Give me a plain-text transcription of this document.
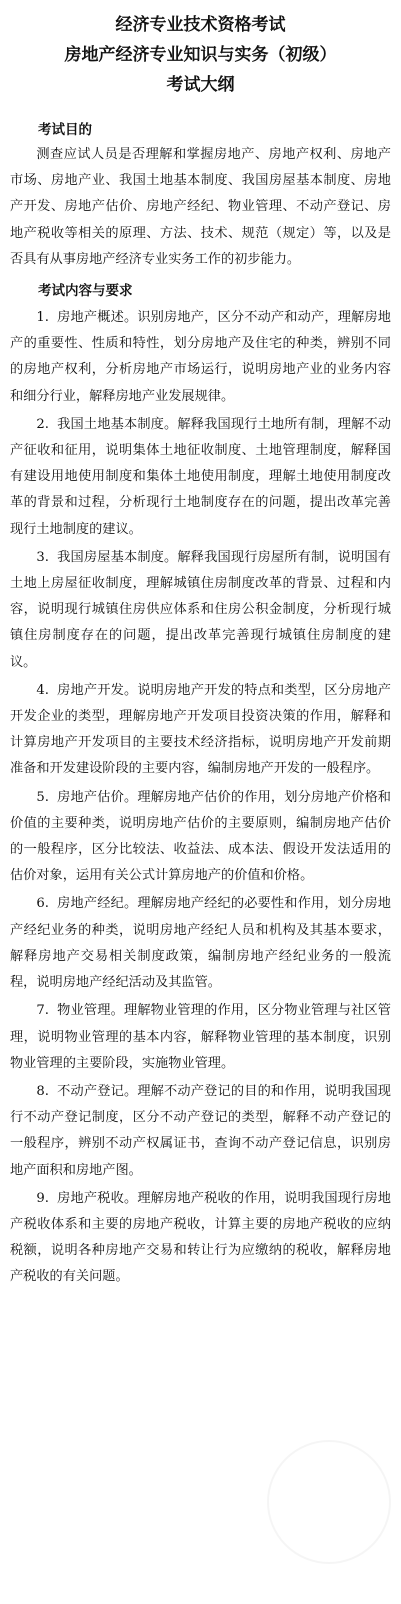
经济专业技术资格考试

房地产经济专业知识与实务（初级）

考试大纲

考试目的

测查应试人员是否理解和掌握房地产、房地产权利、房地产市场、房地产业、我国土地基本制度、我国房屋基本制度、房地产开发、房地产估价、房地产经纪、物业管理、不动产登记、房地产税收等相关的原理、方法、技术、规范（规定）等，以及是否具有从事房地产经济专业实务工作的初步能力。

考试内容与要求

1. 房地产概述。识别房地产，区分不动产和动产，理解房地产的重要性、性质和特性，划分房地产及住宅的种类，辨别不同的房地产权利，分析房地产市场运行，说明房地产业的业务内容和细分行业，解释房地产业发展规律。

2. 我国土地基本制度。解释我国现行土地所有制，理解不动产征收和征用，说明集体土地征收制度、土地管理制度，解释国有建设用地使用制度和集体土地使用制度，理解土地使用制度改革的背景和过程，分析现行土地制度存在的问题，提出改革完善现行土地制度的建议。

3. 我国房屋基本制度。解释我国现行房屋所有制，说明国有土地上房屋征收制度，理解城镇住房制度改革的背景、过程和内容，说明现行城镇住房供应体系和住房公积金制度，分析现行城镇住房制度存在的问题，提出改革完善现行城镇住房制度的建议。

4. 房地产开发。说明房地产开发的特点和类型，区分房地产开发企业的类型，理解房地产开发项目投资决策的作用，解释和计算房地产开发项目的主要技术经济指标，说明房地产开发前期准备和开发建设阶段的主要内容，编制房地产开发的一般程序。

5. 房地产估价。理解房地产估价的作用，划分房地产价格和价值的主要种类，说明房地产估价的主要原则，编制房地产估价的一般程序，区分比较法、收益法、成本法、假设开发法适用的估价对象，运用有关公式计算房地产的价值和价格。

6. 房地产经纪。理解房地产经纪的必要性和作用，划分房地产经纪业务的种类，说明房地产经纪人员和机构及其基本要求，解释房地产交易相关制度政策，编制房地产经纪业务的一般流程，说明房地产经纪活动及其监管。

7. 物业管理。理解物业管理的作用，区分物业管理与社区管理，说明物业管理的基本内容，解释物业管理的基本制度，识别物业管理的主要阶段，实施物业管理。

8. 不动产登记。理解不动产登记的目的和作用，说明我国现行不动产登记制度，区分不动产登记的类型，解释不动产登记的一般程序，辨别不动产权属证书，查询不动产登记信息，识别房地产面积和房地产图。

9. 房地产税收。理解房地产税收的作用，说明我国现行房地产税收体系和主要的房地产税收，计算主要的房地产税收的应纳税额，说明各种房地产交易和转让行为应缴纳的税收，解释房地产税收的有关问题。
